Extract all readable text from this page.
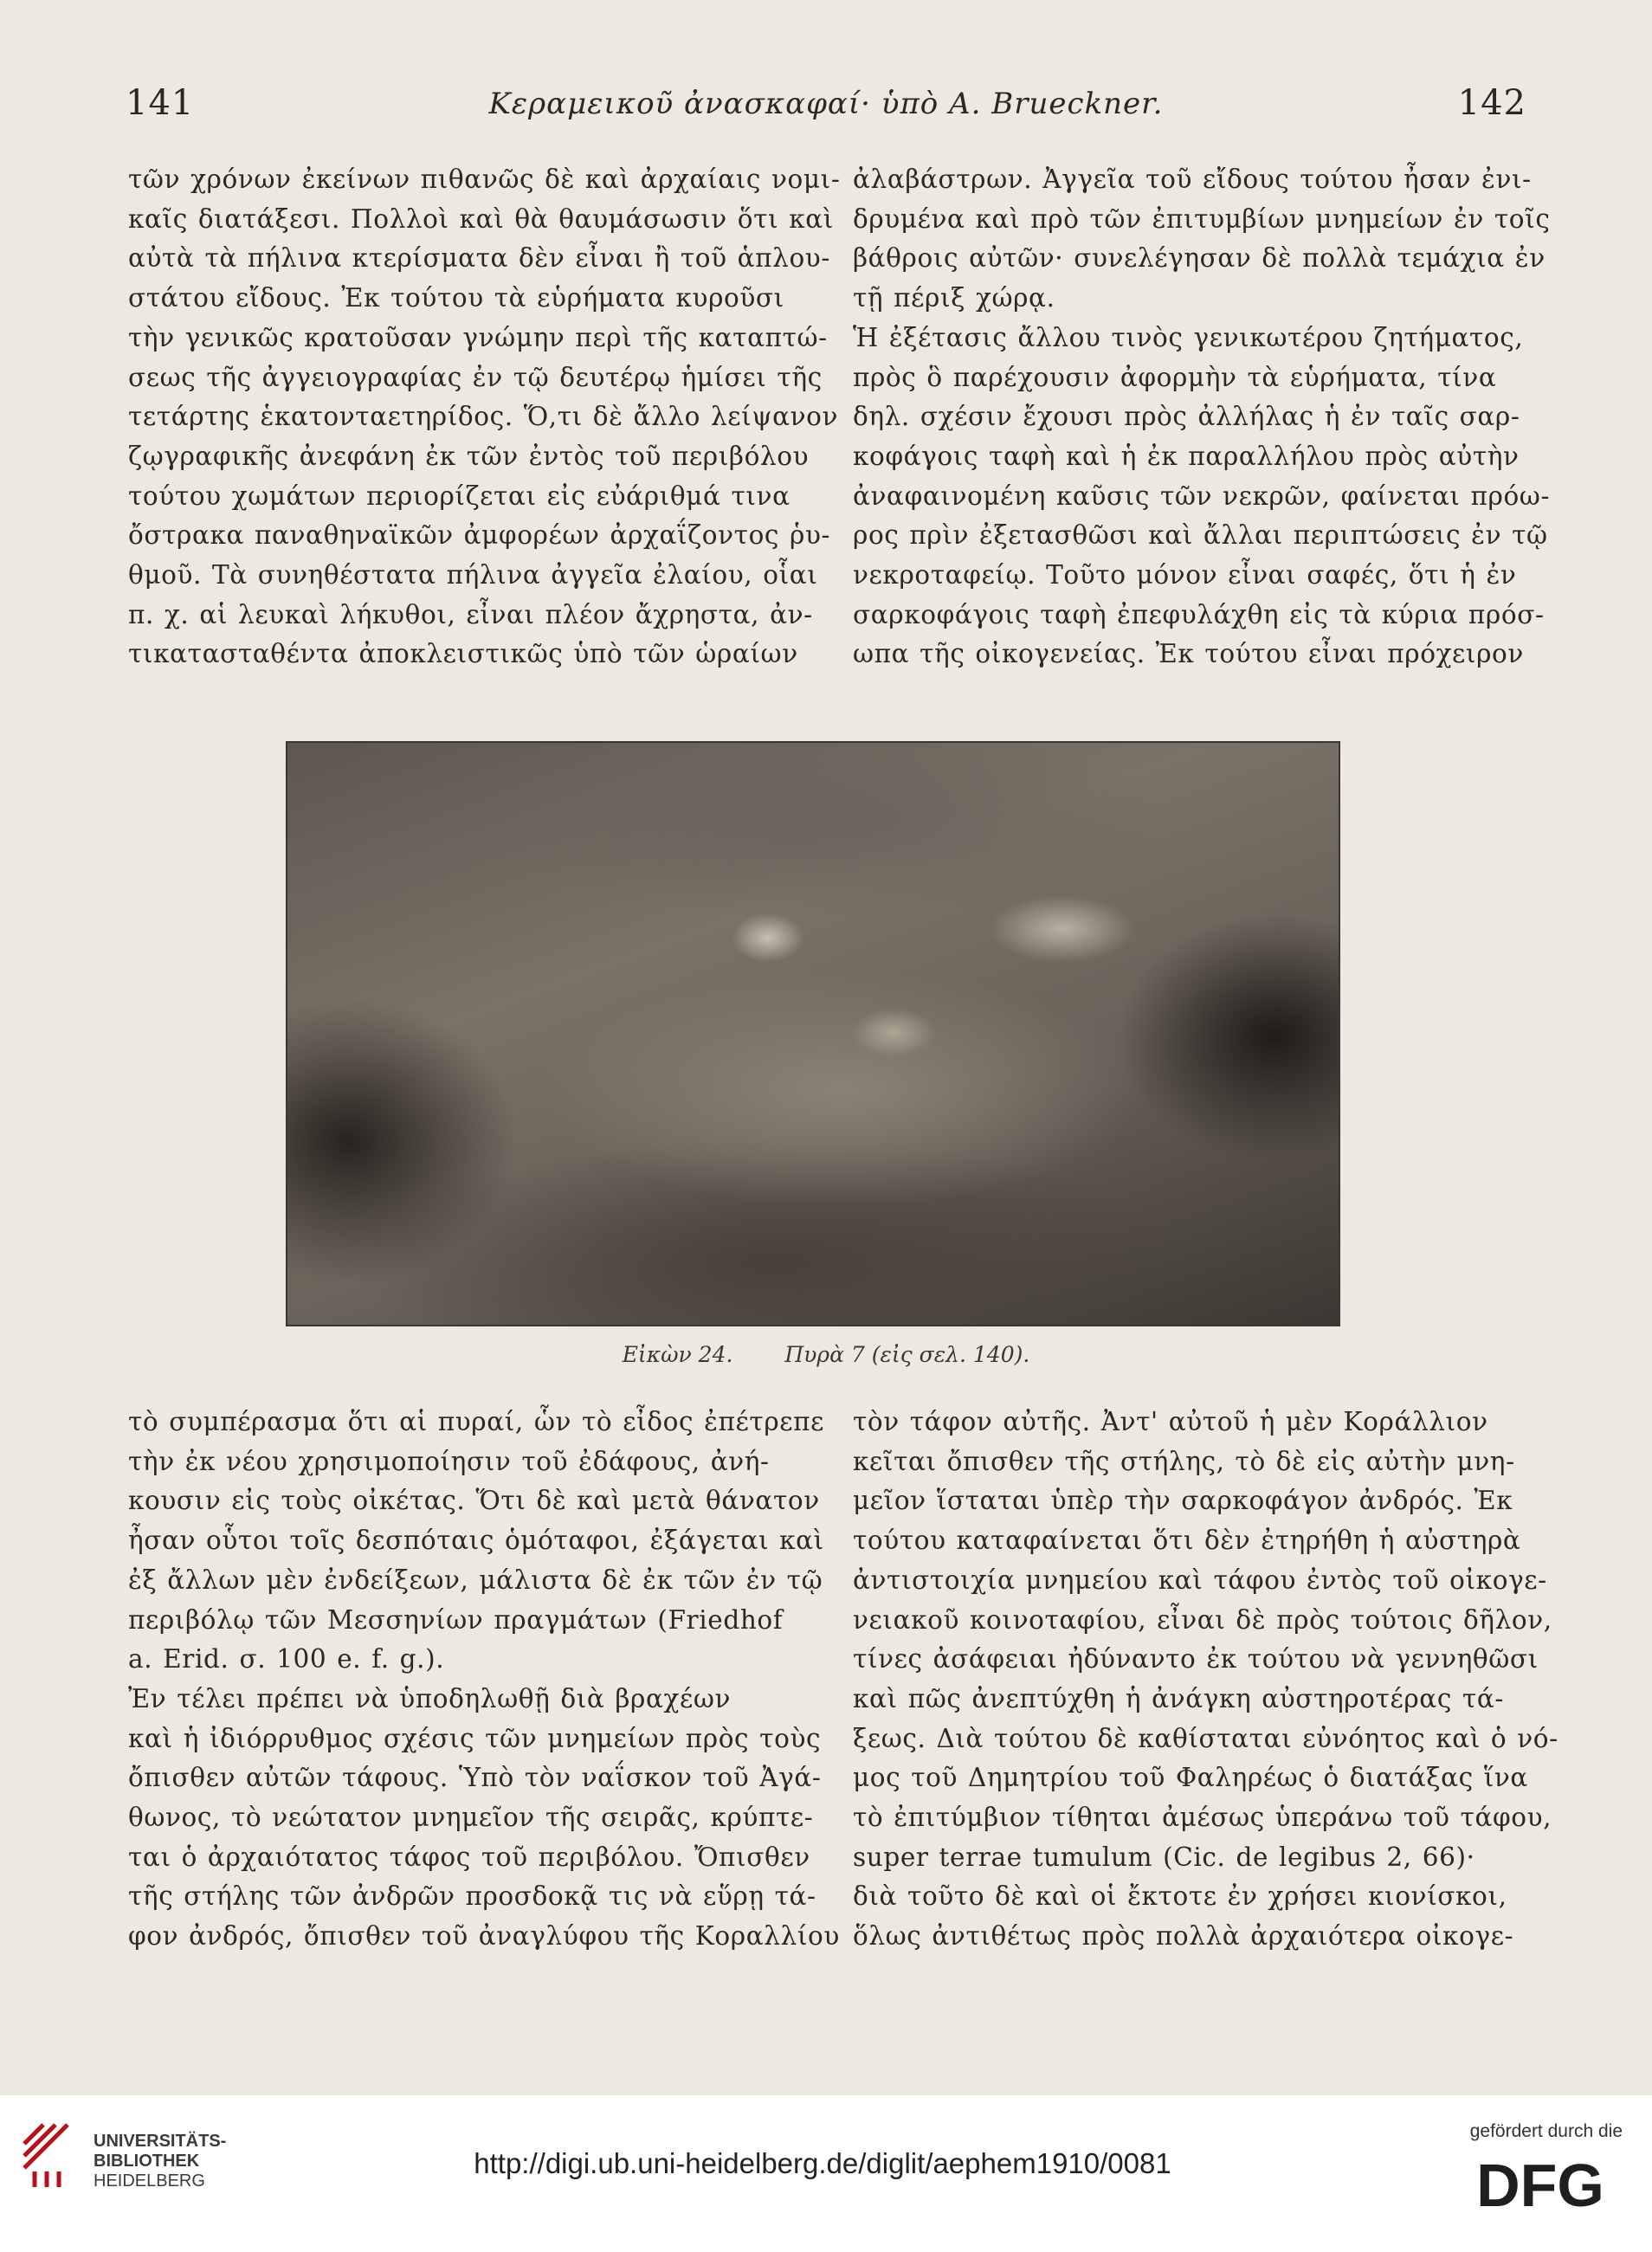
141	Κεραμεικοῦ ἀνασκαφαί· ὑπὸ A. Brueckner.	142
τῶν χρόνων ἐκείνων πιθανῶς δὲ καὶ ἀρχαίαις νομι-
καῖς διατάξεσι. Πολλοὶ καὶ θὰ θαυμάσωσιν ὅτι καὶ
αὐτὰ τὰ πήλινα κτερίσματα δὲν εἶναι ἢ τοῦ ἁπλου-
στάτου εἴδους. Ἐκ τούτου τὰ εὑρήματα κυροῦσι
τὴν γενικῶς κρατοῦσαν γνώμην περὶ τῆς καταπτώ-
σεως τῆς ἀγγειογραφίας ἐν τῷ δευτέρῳ ἡμίσει τῆς
τετάρτης ἑκατονταετηρίδος. Ὅ,τι δὲ ἄλλο λείψανον
ζῳγραφικῆς ἀνεφάνη ἐκ τῶν ἐντὸς τοῦ περιβόλου
τούτου χωμάτων περιορίζεται εἰς εὐάριθμά τινα
ὄστρακα παναθηναϊκῶν ἀμφορέων ἀρχαΐζοντος ῥυ-
θμοῦ. Τὰ συνηθέστατα πήλινα ἀγγεῖα ἐλαίου, οἷαι
π. χ. αἱ λευκαὶ λήκυθοι, εἶναι πλέον ἄχρηστα, ἀν-
τικατασταθέντα ἀποκλειστικῶς ὑπὸ τῶν ὡραίων
ἀλαβάστρων. Ἀγγεῖα τοῦ εἴδους τούτου ἦσαν ἐνι-
δρυμένα καὶ πρὸ τῶν ἐπιτυμβίων μνημείων ἐν τοῖς
βάθροις αὐτῶν· συνελέγησαν δὲ πολλὰ τεμάχια ἐν
τῇ πέριξ χώρᾳ.
Ἡ ἐξέτασις ἄλλου τινὸς γενικωτέρου ζητήματος,
πρὸς ὃ παρέχουσιν ἀφορμὴν τὰ εὑρήματα, τίνα
δηλ. σχέσιν ἔχουσι πρὸς ἀλλήλας ἡ ἐν ταῖς σαρ-
κοφάγοις ταφὴ καὶ ἡ ἐκ παραλλήλου πρὸς αὐτὴν
ἀναφαινομένη καῦσις τῶν νεκρῶν, φαίνεται πρόω-
ρος πρὶν ἐξετασθῶσι καὶ ἄλλαι περιπτώσεις ἐν τῷ
νεκροταφείῳ. Τοῦτο μόνον εἶναι σαφές, ὅτι ἡ ἐν
σαρκοφάγοις ταφὴ ἐπεφυλάχθη εἰς τὰ κύρια πρόσ-
ωπα τῆς οἰκογενείας. Ἐκ τούτου εἶναι πρόχειρον
Εἰκὼν 24. Πυρὰ 7 (εἰς σελ. 140).
τὸ συμπέρασμα ὅτι αἱ πυραί, ὧν τὸ εἶδος ἐπέτρεπε
τὴν ἐκ νέου χρησιμοποίησιν τοῦ ἐδάφους, ἀνή-
κουσιν εἰς τοὺς οἰκέτας. Ὅτι δὲ καὶ μετὰ θάνατον
ἦσαν οὗτοι τοῖς δεσπόταις ὁμόταφοι, ἐξάγεται καὶ
ἐξ ἄλλων μὲν ἐνδείξεων, μάλιστα δὲ ἐκ τῶν ἐν τῷ
περιβόλῳ τῶν Μεσσηνίων πραγμάτων (Friedhof
a. Erid. σ. 100 e. f. g.).
Ἐν τέλει πρέπει νὰ ὑποδηλωθῇ διὰ βραχέων
καὶ ἡ ἰδιόρρυθμος σχέσις τῶν μνημείων πρὸς τοὺς
ὄπισθεν αὐτῶν τάφους. Ὑπὸ τὸν ναΐσκον τοῦ Ἀγά-
θωνος, τὸ νεώτατον μνημεῖον τῆς σειρᾶς, κρύπτε-
ται ὁ ἀρχαιότατος τάφος τοῦ περιβόλου. Ὄπισθεν
τῆς στήλης τῶν ἀνδρῶν προσδοκᾷ τις νὰ εὕρῃ τά-
φον ἀνδρός, ὄπισθεν τοῦ ἀναγλύφου τῆς Κοραλλίου
τὸν τάφον αὐτῆς. Ἀντ' αὐτοῦ ἡ μὲν Κοράλλιον
κεῖται ὄπισθεν τῆς στήλης, τὸ δὲ εἰς αὐτὴν μνη-
μεῖον ἵσταται ὑπὲρ τὴν σαρκοφάγον ἀνδρός. Ἐκ
τούτου καταφαίνεται ὅτι δὲν ἐτηρήθη ἡ αὐστηρὰ
ἀντιστοιχία μνημείου καὶ τάφου ἐντὸς τοῦ οἰκογε-
νειακοῦ κοινοταφίου, εἶναι δὲ πρὸς τούτοις δῆλον,
τίνες ἀσάφειαι ἠδύναντο ἐκ τούτου νὰ γεννηθῶσι
καὶ πῶς ἀνεπτύχθη ἡ ἀνάγκη αὐστηροτέρας τά-
ξεως. Διὰ τούτου δὲ καθίσταται εὐνόητος καὶ ὁ νό-
μος τοῦ Δημητρίου τοῦ Φαληρέως ὁ διατάξας ἵνα
τὸ ἐπιτύμβιον τίθηται ἀμέσως ὑπεράνω τοῦ τάφου,
super terrae tumulum (Cic. de legibus 2, 66)·
διὰ τοῦτο δὲ καὶ οἱ ἔκτοτε ἐν χρήσει κιονίσκοι,
ὅλως ἀντιθέτως πρὸς πολλὰ ἀρχαιότερα οἰκογε-
UNIVERSITÄTS-
BIBLIOTHEK
HEIDELBERG
http://digi.ub.uni-heidelberg.de/diglit/aephem1910/0081
gefördert durch die
DFG
